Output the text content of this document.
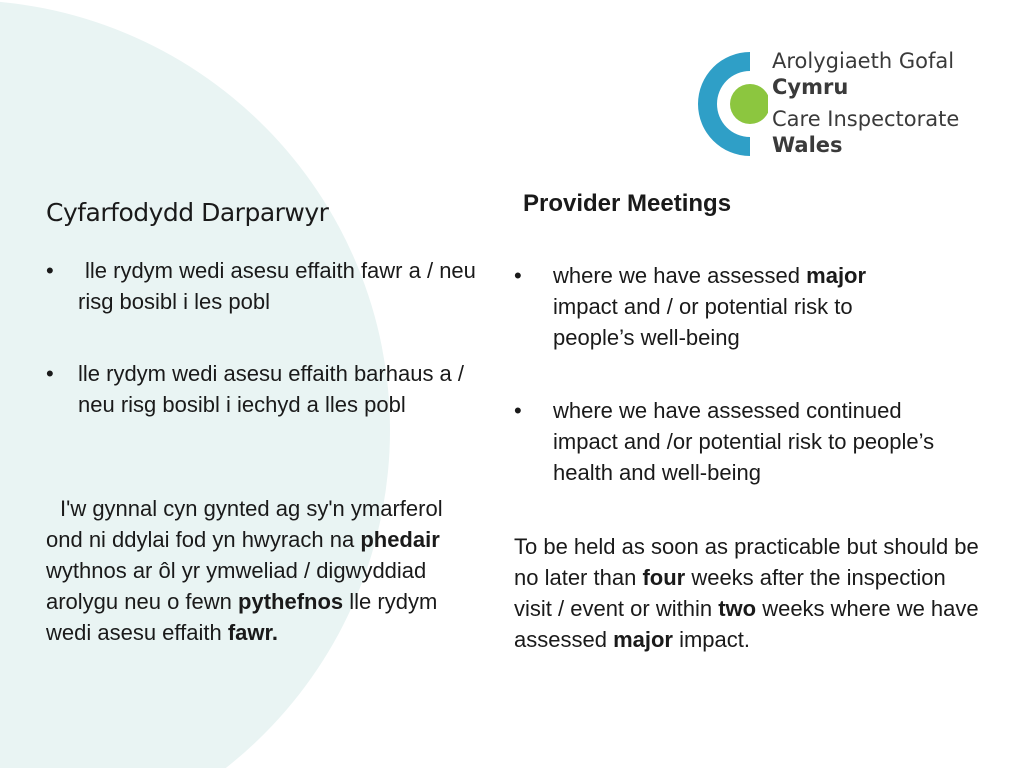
Arolygiaeth Gofal
Cymru
Care Inspectorate
Wales
Cyfarfodydd Darparwyr
•	lle rydym wedi asesu effaith fawr a / neu risg bosibl i les pobl
•	lle rydym wedi asesu effaith barhaus a / neu risg bosibl i iechyd a lles pobl
I'w gynnal cyn gynted ag sy'n ymarferol ond ni ddylai fod yn hwyrach na phedair wythnos ar ôl yr ymweliad / digwyddiad arolygu neu o fewn pythefnos lle rydym wedi asesu effaith fawr.
Provider Meetings
•	where we have assessed major impact and / or potential risk to people’s well-being
•	where we have assessed continued impact and /or potential risk to people’s health and well-being
To be held as soon as practicable but should be no later than four weeks after the inspection visit / event or within two weeks where we have assessed major impact.
